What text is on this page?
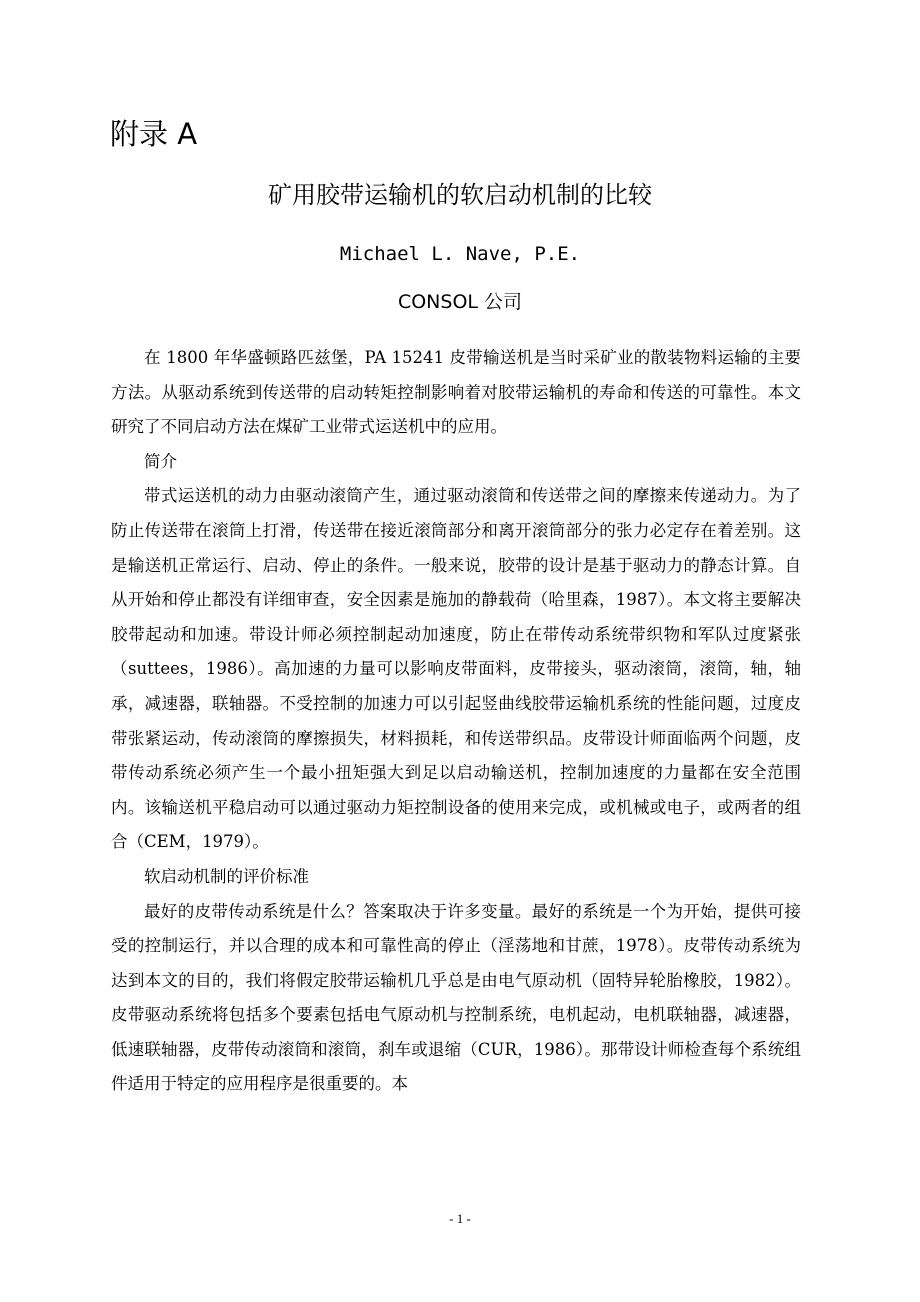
附录 A
矿用胶带运输机的软启动机制的比较
Michael L. Nave, P.E.
CONSOL 公司

在 1800 年华盛顿路匹兹堡，PA 15241 皮带输送机是当时采矿业的散装物料运输的主要方法。从驱动系统到传送带的启动转矩控制影响着对胶带运输机的寿命和传送的可靠性。本文研究了不同启动方法在煤矿工业带式运送机中的应用。

简介

带式运送机的动力由驱动滚筒产生，通过驱动滚筒和传送带之间的摩擦来传递动力。为了防止传送带在滚筒上打滑，传送带在接近滚筒部分和离开滚筒部分的张力必定存在着差别。这是输送机正常运行、启动、停止的条件。一般来说，胶带的设计是基于驱动力的静态计算。自从开始和停止都没有详细审查，安全因素是施加的静载荷（哈里森，1987）。本文将主要解决胶带起动和加速。带设计师必须控制起动加速度，防止在带传动系统带织物和军队过度紧张（suttees，1986）。高加速的力量可以影响皮带面料，皮带接头，驱动滚筒，滚筒，轴，轴承，减速器，联轴器。不受控制的加速力可以引起竖曲线胶带运输机系统的性能问题，过度皮带张紧运动，传动滚筒的摩擦损失，材料损耗，和传送带织品。皮带设计师面临两个问题，皮带传动系统必须产生一个最小扭矩强大到足以启动输送机，控制加速度的力量都在安全范围内。该输送机平稳启动可以通过驱动力矩控制设备的使用来完成，或机械或电子，或两者的组合（CEM，1979）。

软启动机制的评价标准

最好的皮带传动系统是什么？答案取决于许多变量。最好的系统是一个为开始，提供可接受的控制运行，并以合理的成本和可靠性高的停止（淫荡地和甘蔗，1978）。皮带传动系统为达到本文的目的，我们将假定胶带运输机几乎总是由电气原动机（固特异轮胎橡胶，1982）。皮带驱动系统将包括多个要素包括电气原动机与控制系统，电机起动，电机联轴器，减速器，低速联轴器，皮带传动滚筒和滚筒，刹车或退缩（CUR，1986）。那带设计师检查每个系统组件适用于特定的应用程序是很重要的。本

- 1 -
